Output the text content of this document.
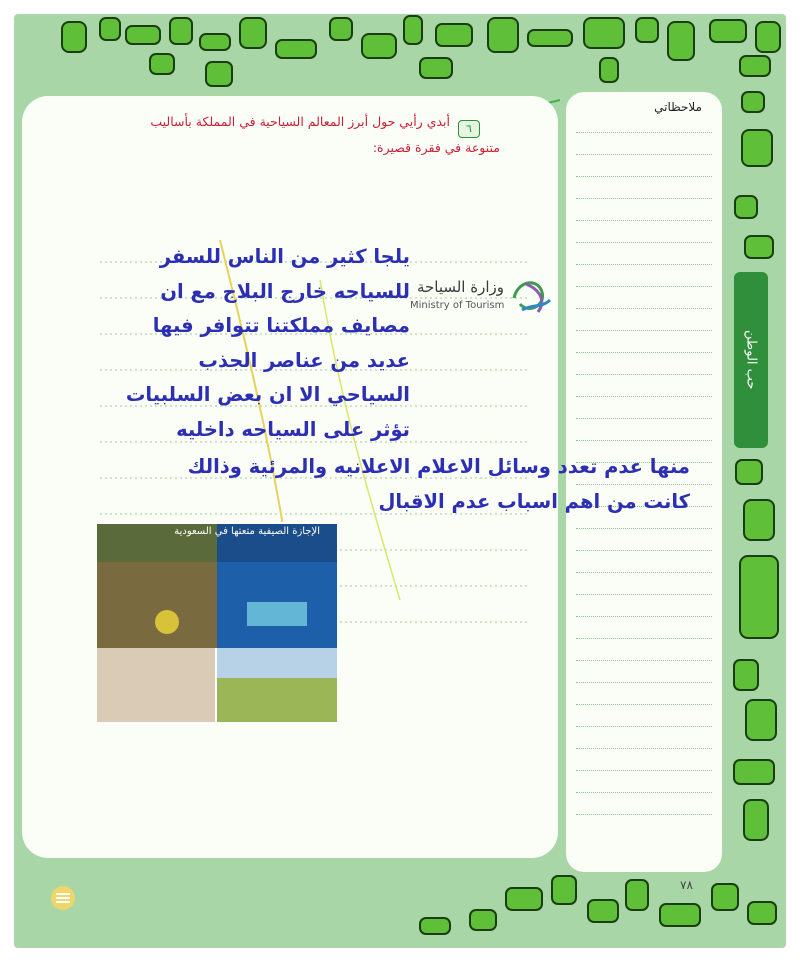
ملاحظاتي
حب الوطن
٦
أبدي رأيي حول أبرز المعالم السياحية في المملكة بأساليب
متنوعة في فقرة قصيرة:
وزارة السياحة
Ministry of Tourism
يلجا كثير من الناس للسفر
للسياحه خارج البلاج مع ان
مصايف مملكتنا تتوافر فيها
عديد من عناصر الجذب
السياحي الا ان بعض السلبيات
تؤثر على السياحه داخليه
منها عدم تعدد وسائل الاعلام الاعلانيه والمرئية وذالك
كانت من اهم اسباب عدم الاقبال
الإجازة الصيفية متعتها في السعودية
٧٨
